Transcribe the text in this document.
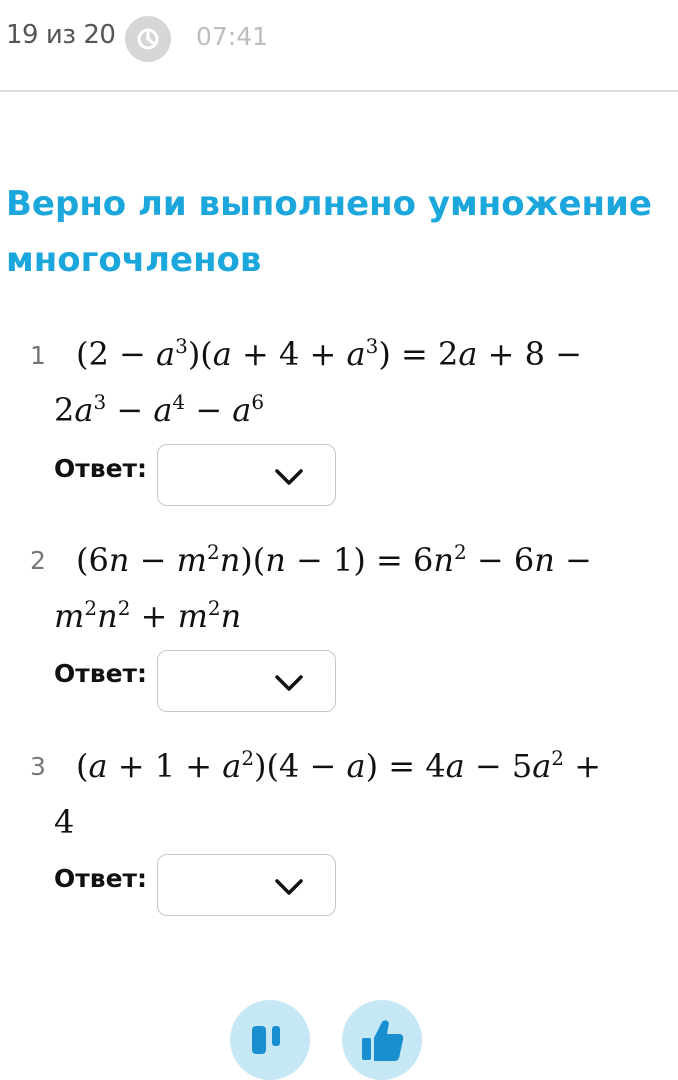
19 из 20	07:41
Верно ли выполнено умножение многочленов
1 $(2 - a^3)(a + 4 + a^3) = 2a + 8$ −
$2a^3 - a^4 - a^6$
Ответ:
2 $(6n - m^2n)(n - 1) = 6n^2 - 6n$ −
$m^2n^2 + m^2n$
Ответ:
3 $(a + 1 + a^2)(4 - a) = 4a - 5a^2$ +
4
Ответ:
